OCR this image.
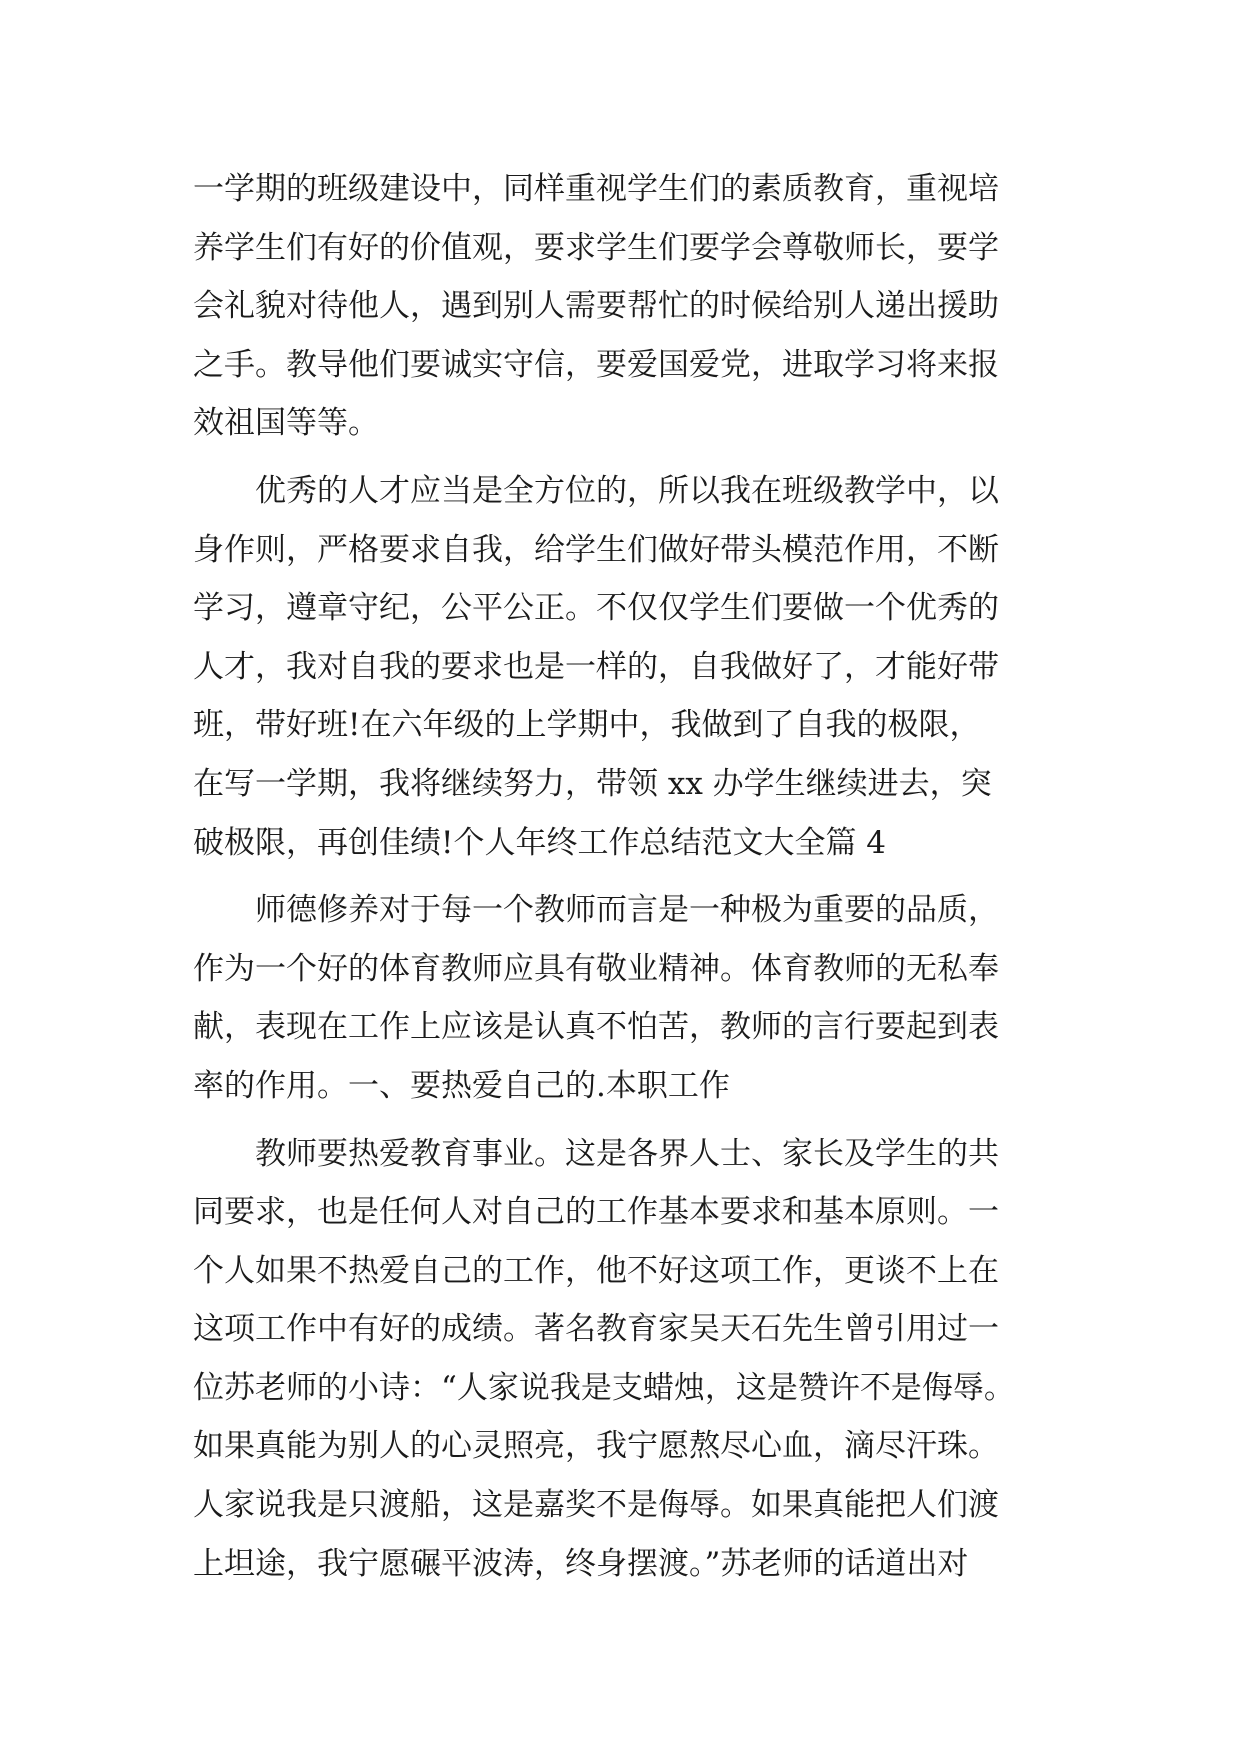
一学期的班级建设中，同样重视学生们的素质教育，重视培
养学生们有好的价值观，要求学生们要学会尊敬师长，要学
会礼貌对待他人，遇到别人需要帮忙的时候给别人递出援助
之手。教导他们要诚实守信，要爱国爱党，进取学习将来报
效祖国等等。
优秀的人才应当是全方位的，所以我在班级教学中，以
身作则，严格要求自我，给学生们做好带头模范作用，不断
学习，遵章守纪，公平公正。不仅仅学生们要做一个优秀的
人才，我对自我的要求也是一样的，自我做好了，才能好带
班，带好班!在六年级的上学期中，我做到了自我的极限，
在写一学期，我将继续努力，带领 xx 办学生继续进去，突
破极限，再创佳绩!个人年终工作总结范文大全篇 4
师德修养对于每一个教师而言是一种极为重要的品质，
作为一个好的体育教师应具有敬业精神。体育教师的无私奉
献，表现在工作上应该是认真不怕苦，教师的言行要起到表
率的作用。一、要热爱自己的.本职工作
教师要热爱教育事业。这是各界人士、家长及学生的共
同要求，也是任何人对自己的工作基本要求和基本原则。一
个人如果不热爱自己的工作，他不好这项工作，更谈不上在
这项工作中有好的成绩。著名教育家吴天石先生曾引用过一
位苏老师的小诗：“人家说我是支蜡烛，这是赞许不是侮辱。
如果真能为别人的心灵照亮，我宁愿熬尽心血，滴尽汗珠。
人家说我是只渡船，这是嘉奖不是侮辱。如果真能把人们渡
上坦途，我宁愿碾平波涛，终身摆渡。”苏老师的话道出对
